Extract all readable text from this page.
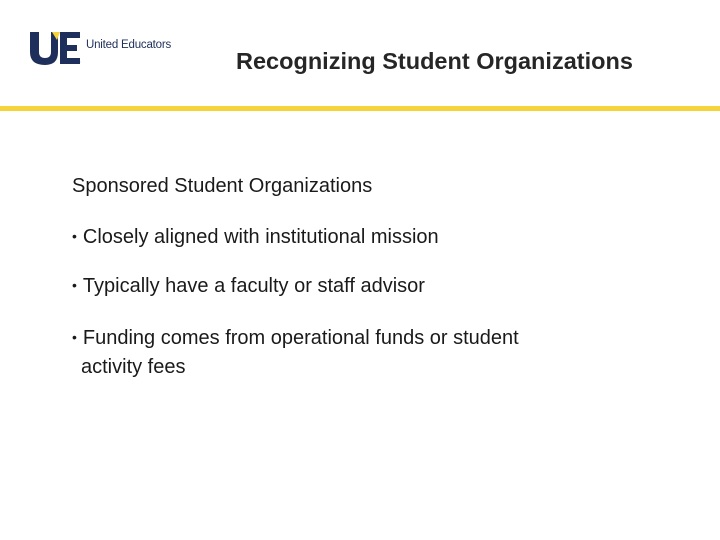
United Educators
Recognizing Student Organizations
Sponsored Student Organizations
• Closely aligned with institutional mission
• Typically have a faculty or staff advisor
• Funding comes from operational funds or student
activity fees
